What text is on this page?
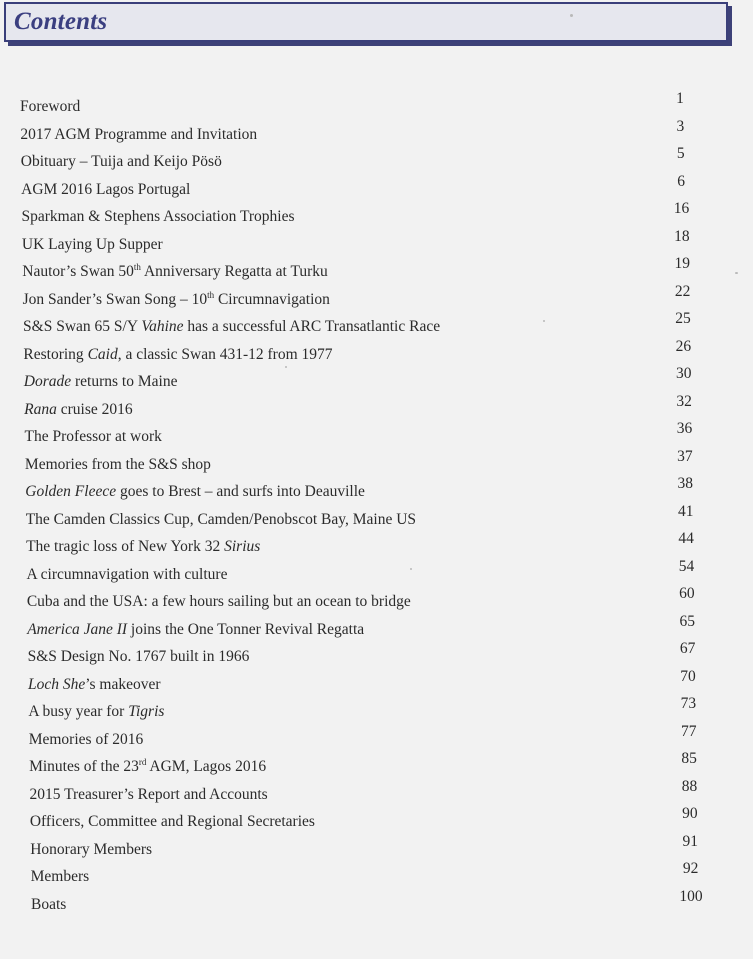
Contents
Foreword	1
2017 AGM Programme and Invitation	3
Obituary – Tuija and Keijo Pösö	5
AGM 2016 Lagos Portugal	6
Sparkman & Stephens Association Trophies	16
UK Laying Up Supper	18
Nautor’s Swan 50th Anniversary Regatta at Turku	19
Jon Sander’s Swan Song – 10th Circumnavigation	22
S&S Swan 65 S/Y Vahine has a successful ARC Transatlantic Race	25
Restoring Caid, a classic Swan 431-12 from 1977	26
Dorade returns to Maine	30
Rana cruise 2016	32
The Professor at work	36
Memories from the S&S shop	37
Golden Fleece goes to Brest – and surfs into Deauville	38
The Camden Classics Cup, Camden/Penobscot Bay, Maine US	41
The tragic loss of New York 32 Sirius	44
A circumnavigation with culture	54
Cuba and the USA: a few hours sailing but an ocean to bridge	60
America Jane II joins the One Tonner Revival Regatta	65
S&S Design No. 1767 built in 1966	67
Loch She’s makeover	70
A busy year for Tigris	73
Memories of 2016	77
Minutes of the 23rd AGM, Lagos 2016	85
2015 Treasurer’s Report and Accounts	88
Officers, Committee and Regional Secretaries	90
Honorary Members	91
Members	92
Boats	100
